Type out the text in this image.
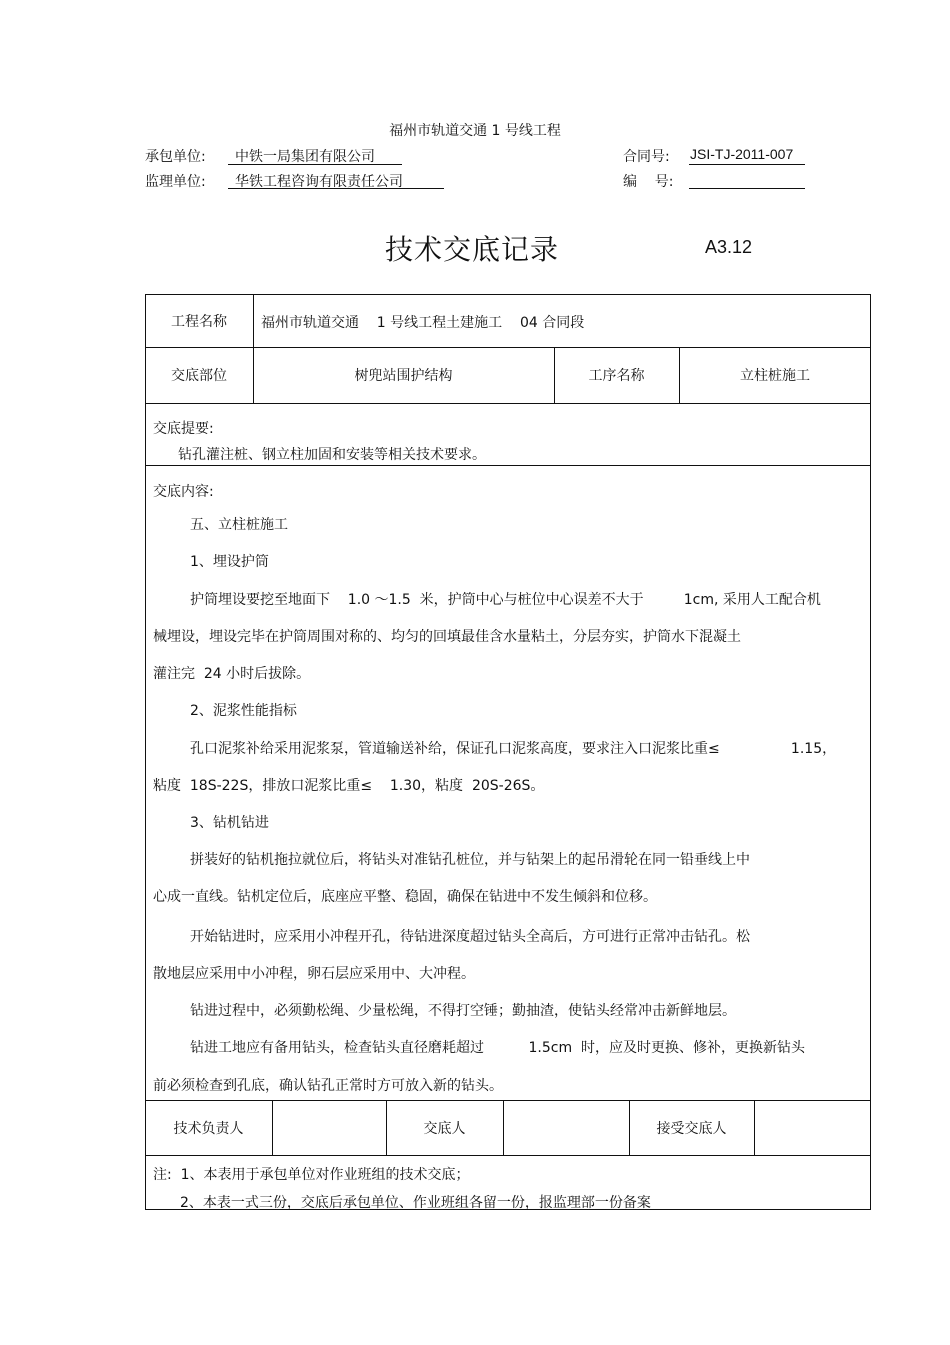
福州市轨道交通 1 号线工程
承包单位: 中铁一局集团有限公司
监理单位: 华铁工程咨询有限责任公司
合同号: JSI-TJ-2011-007
编    号:
技术交底记录	A3.12
工程名称	福州市轨道交通    1 号线工程土建施工    04 合同段
交底部位	树兜站围护结构	工序名称	立柱桩施工
交底提要:
钻孔灌注桩、钢立柱加固和安装等相关技术要求。
交底内容:
五、立柱桩施工
1、埋设护筒
护筒埋设要挖至地面下    1.0 ～1.5  米，护筒中心与桩位中心误差不大于         1cm, 采用人工配合机
械埋设，埋设完毕在护筒周围对称的、均匀的回填最佳含水量粘土，分层夯实，护筒水下混凝土
灌注完  24 小时后拔除。
2、泥浆性能指标
孔口泥浆补给采用泥浆泵，管道输送补给，保证孔口泥浆高度，要求注入口泥浆比重≤                1.15，
粘度  18S-22S，排放口泥浆比重≤    1.30，粘度  20S-26S。
3、钻机钻进
拼装好的钻机拖拉就位后，将钻头对准钻孔桩位，并与钻架上的起吊滑轮在同一铅垂线上中
心成一直线。钻机定位后，底座应平整、稳固，确保在钻进中不发生倾斜和位移。
开始钻进时，应采用小冲程开孔，待钻进深度超过钻头全高后，方可进行正常冲击钻孔。松
散地层应采用中小冲程，卵石层应采用中、大冲程。
钻进过程中，必须勤松绳、少量松绳，不得打空锤；勤抽渣，使钻头经常冲击新鲜地层。
钻进工地应有备用钻头，检查钻头直径磨耗超过          1.5cm  时，应及时更换、修补，更换新钻头
前必须检查到孔底，确认钻孔正常时方可放入新的钻头。
技术负责人	交底人	接受交底人
注:  1、本表用于承包单位对作业班组的技术交底；
2、本表一式三份，交底后承包单位、作业班组各留一份，报监理部一份备案
